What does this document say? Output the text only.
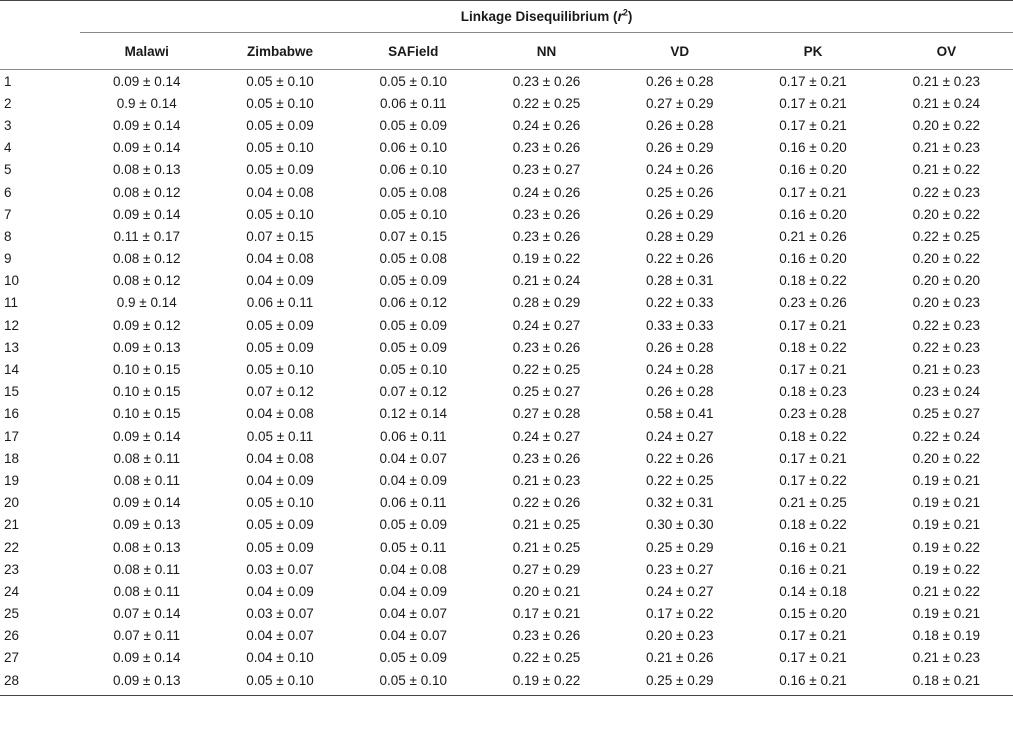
	Linkage Disequilibrium $(r^2)$						

	Malawi	Zimbabwe	SAField	NN	VD	PK	OV
1	0.09 ± 0.14	0.05 ± 0.10	0.05 ± 0.10	0.23 ± 0.26	0.26 ± 0.28	0.17 ± 0.21	0.21 ± 0.23
2	0.9 ± 0.14	0.05 ± 0.10	0.06 ± 0.11	0.22 ± 0.25	0.27 ± 0.29	0.17 ± 0.21	0.21 ± 0.24
3	0.09 ± 0.14	0.05 ± 0.09	0.05 ± 0.09	0.24 ± 0.26	0.26 ± 0.28	0.17 ± 0.21	0.20 ± 0.22
4	0.09 ± 0.14	0.05 ± 0.10	0.06 ± 0.10	0.23 ± 0.26	0.26 ± 0.29	0.16 ± 0.20	0.21 ± 0.23
5	0.08 ± 0.13	0.05 ± 0.09	0.06 ± 0.10	0.23 ± 0.27	0.24 ± 0.26	0.16 ± 0.20	0.21 ± 0.22
6	0.08 ± 0.12	0.04 ± 0.08	0.05 ± 0.08	0.24 ± 0.26	0.25 ± 0.26	0.17 ± 0.21	0.22 ± 0.23
7	0.09 ± 0.14	0.05 ± 0.10	0.05 ± 0.10	0.23 ± 0.26	0.26 ± 0.29	0.16 ± 0.20	0.20 ± 0.22
8	0.11 ± 0.17	0.07 ± 0.15	0.07 ± 0.15	0.23 ± 0.26	0.28 ± 0.29	0.21 ± 0.26	0.22 ± 0.25
9	0.08 ± 0.12	0.04 ± 0.08	0.05 ± 0.08	0.19 ± 0.22	0.22 ± 0.26	0.16 ± 0.20	0.20 ± 0.22
10	0.08 ± 0.12	0.04 ± 0.09	0.05 ± 0.09	0.21 ± 0.24	0.28 ± 0.31	0.18 ± 0.22	0.20 ± 0.20
11	0.9 ± 0.14	0.06 ± 0.11	0.06 ± 0.12	0.28 ± 0.29	0.22 ± 0.33	0.23 ± 0.26	0.20 ± 0.23
12	0.09 ± 0.12	0.05 ± 0.09	0.05 ± 0.09	0.24 ± 0.27	0.33 ± 0.33	0.17 ± 0.21	0.22 ± 0.23
13	0.09 ± 0.13	0.05 ± 0.09	0.05 ± 0.09	0.23 ± 0.26	0.26 ± 0.28	0.18 ± 0.22	0.22 ± 0.23
14	0.10 ± 0.15	0.05 ± 0.10	0.05 ± 0.10	0.22 ± 0.25	0.24 ± 0.28	0.17 ± 0.21	0.21 ± 0.23
15	0.10 ± 0.15	0.07 ± 0.12	0.07 ± 0.12	0.25 ± 0.27	0.26 ± 0.28	0.18 ± 0.23	0.23 ± 0.24
16	0.10 ± 0.15	0.04 ± 0.08	0.12 ± 0.14	0.27 ± 0.28	0.58 ± 0.41	0.23 ± 0.28	0.25 ± 0.27
17	0.09 ± 0.14	0.05 ± 0.11	0.06 ± 0.11	0.24 ± 0.27	0.24 ± 0.27	0.18 ± 0.22	0.22 ± 0.24
18	0.08 ± 0.11	0.04 ± 0.08	0.04 ± 0.07	0.23 ± 0.26	0.22 ± 0.26	0.17 ± 0.21	0.20 ± 0.22
19	0.08 ± 0.11	0.04 ± 0.09	0.04 ± 0.09	0.21 ± 0.23	0.22 ± 0.25	0.17 ± 0.22	0.19 ± 0.21
20	0.09 ± 0.14	0.05 ± 0.10	0.06 ± 0.11	0.22 ± 0.26	0.32 ± 0.31	0.21 ± 0.25	0.19 ± 0.21
21	0.09 ± 0.13	0.05 ± 0.09	0.05 ± 0.09	0.21 ± 0.25	0.30 ± 0.30	0.18 ± 0.22	0.19 ± 0.21
22	0.08 ± 0.13	0.05 ± 0.09	0.05 ± 0.11	0.21 ± 0.25	0.25 ± 0.29	0.16 ± 0.21	0.19 ± 0.22
23	0.08 ± 0.11	0.03 ± 0.07	0.04 ± 0.08	0.27 ± 0.29	0.23 ± 0.27	0.16 ± 0.21	0.19 ± 0.22
24	0.08 ± 0.11	0.04 ± 0.09	0.04 ± 0.09	0.20 ± 0.21	0.24 ± 0.27	0.14 ± 0.18	0.21 ± 0.22
25	0.07 ± 0.14	0.03 ± 0.07	0.04 ± 0.07	0.17 ± 0.21	0.17 ± 0.22	0.15 ± 0.20	0.19 ± 0.21
26	0.07 ± 0.11	0.04 ± 0.07	0.04 ± 0.07	0.23 ± 0.26	0.20 ± 0.23	0.17 ± 0.21	0.18 ± 0.19
27	0.09 ± 0.14	0.04 ± 0.10	0.05 ± 0.09	0.22 ± 0.25	0.21 ± 0.26	0.17 ± 0.21	0.21 ± 0.23
28	0.09 ± 0.13	0.05 ± 0.10	0.05 ± 0.10	0.19 ± 0.22	0.25 ± 0.29	0.16 ± 0.21	0.18 ± 0.21
